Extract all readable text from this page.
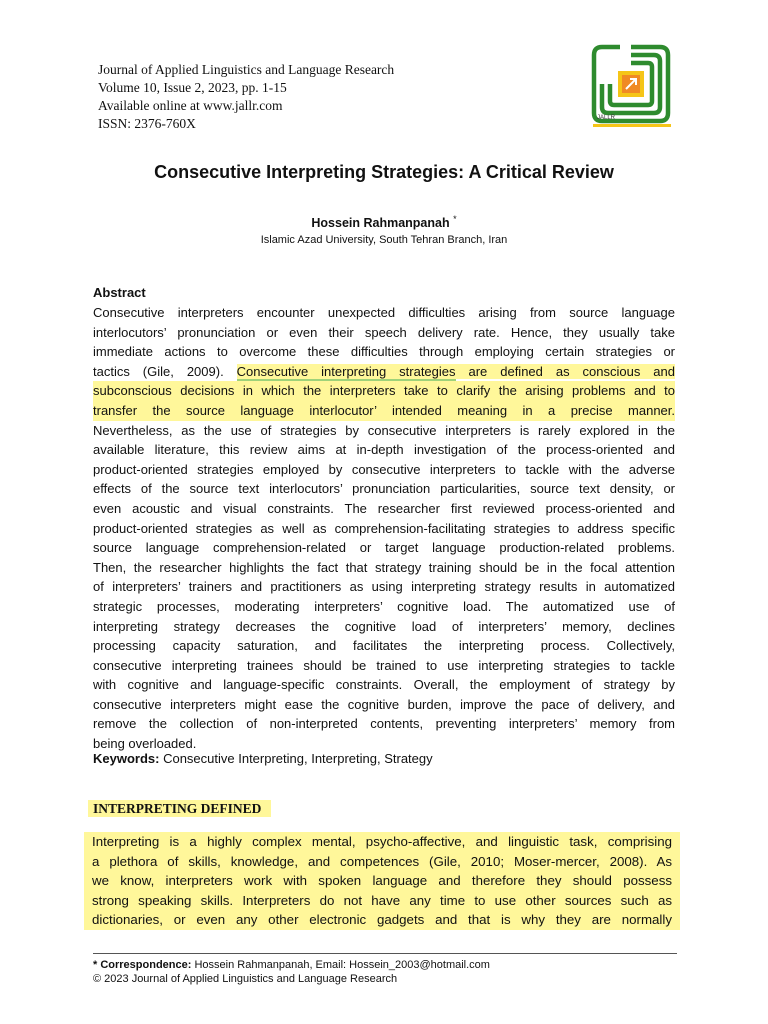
Journal of Applied Linguistics and Language Research
Volume 10, Issue 2, 2023, pp. 1-15
Available online at www.jallr.com
ISSN: 2376-760X	JALLR
Consecutive Interpreting Strategies: A Critical Review
Hossein Rahmanpanah *
Islamic Azad University, South Tehran Branch, Iran
Abstract
Consecutive interpreters encounter unexpected difficulties arising from source language
interlocutors’ pronunciation or even their speech delivery rate. Hence, they usually take
immediate actions to overcome these difficulties through employing certain strategies or
tactics (Gile, 2009). Consecutive interpreting strategies are defined as conscious and
subconscious decisions in which the interpreters take to clarify the arising problems and to
transfer the source language interlocutor’ intended meaning in a precise manner.
Nevertheless, as the use of strategies by consecutive interpreters is rarely explored in the
available literature, this review aims at in-depth investigation of the process-oriented and
product-oriented strategies employed by consecutive interpreters to tackle with the adverse
effects of the source text interlocutors’ pronunciation particularities, source text density, or
even acoustic and visual constraints. The researcher first reviewed process-oriented and
product-oriented strategies as well as comprehension-facilitating strategies to address specific
source language comprehension-related or target language production-related problems.
Then, the researcher highlights the fact that strategy training should be in the focal attention
of interpreters’ trainers and practitioners as using interpreting strategy results in automatized
strategic processes, moderating interpreters’ cognitive load. The automatized use of
interpreting strategy decreases the cognitive load of interpreters’ memory, declines
processing capacity saturation, and facilitates the interpreting process. Collectively,
consecutive interpreting trainees should be trained to use interpreting strategies to tackle
with cognitive and language-specific constraints. Overall, the employment of strategy by
consecutive interpreters might ease the cognitive burden, improve the pace of delivery, and
remove the collection of non-interpreted contents, preventing interpreters’ memory from
being overloaded.
Keywords: Consecutive Interpreting, Interpreting, Strategy
INTERPRETING DEFINED
Interpreting is a highly complex mental, psycho-affective, and linguistic task, comprising
a plethora of skills, knowledge, and competences (Gile, 2010; Moser-mercer, 2008). As
we know, interpreters work with spoken language and therefore they should possess
strong speaking skills. Interpreters do not have any time to use other sources such as
dictionaries, or even any other electronic gadgets and that is why they are normally
* Correspondence: Hossein Rahmanpanah, Email: Hossein_2003@hotmail.com
© 2023 Journal of Applied Linguistics and Language Research
